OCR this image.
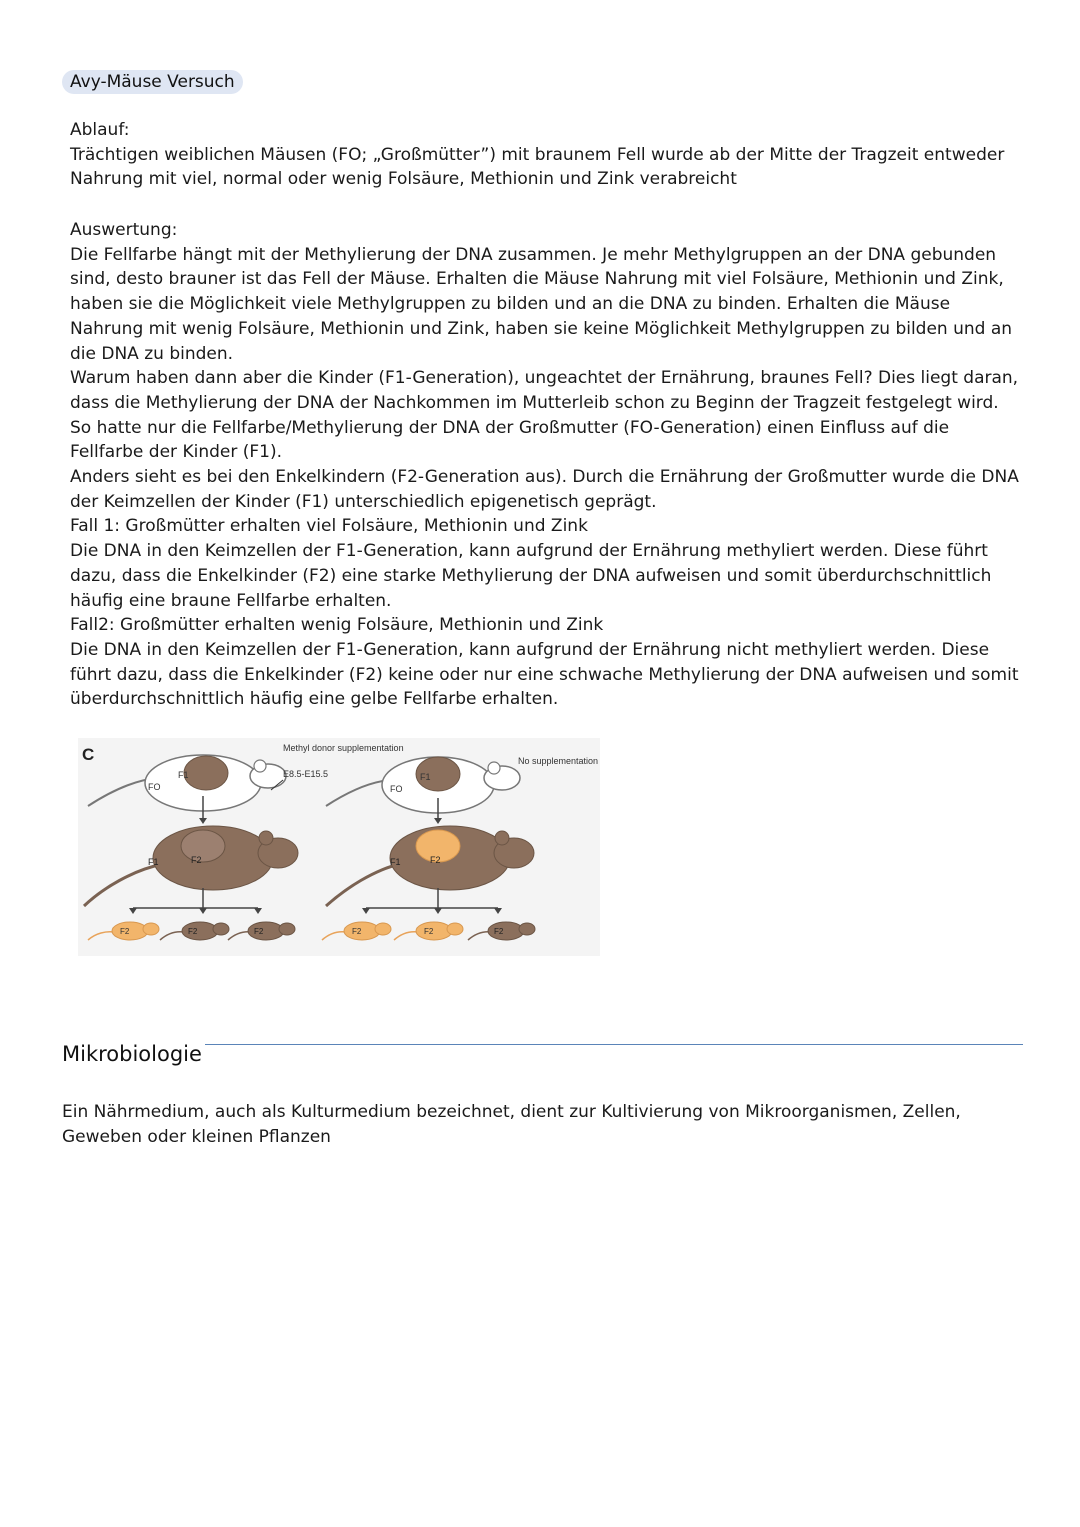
Avy-Mäuse Versuch

Ablauf:

Trächtigen weiblichen Mäusen (FO; „Großmütter”) mit braunem Fell wurde ab der Mitte der Tragzeit entweder Nahrung mit viel, normal oder wenig Folsäure, Methionin und Zink verabreicht

Auswertung:

Die Fellfarbe hängt mit der Methylierung der DNA zusammen. Je mehr Methylgruppen an der DNA gebunden sind, desto brauner ist das Fell der Mäuse. Erhalten die Mäuse Nahrung mit viel Folsäure, Methionin und Zink, haben sie die Möglichkeit viele Methylgruppen zu bilden und an die DNA zu binden. Erhalten die Mäuse Nahrung mit wenig Folsäure, Methionin und Zink, haben sie keine Möglichkeit Methylgruppen zu bilden und an die DNA zu binden.

Warum haben dann aber die Kinder (F1-Generation), ungeachtet der Ernährung, braunes Fell? Dies liegt daran, dass die Methylierung der DNA der Nachkommen im Mutterleib schon zu Beginn der Tragzeit festgelegt wird. So hatte nur die Fellfarbe/Methylierung der DNA der Großmutter (FO-Generation) einen Einfluss auf die Fellfarbe der Kinder (F1).

Anders sieht es bei den Enkelkindern (F2-Generation aus). Durch die Ernährung der Großmutter wurde die DNA der Keimzellen der Kinder (F1) unterschiedlich epigenetisch geprägt.

Fall 1: Großmütter erhalten viel Folsäure, Methionin und Zink

Die DNA in den Keimzellen der F1-Generation, kann aufgrund der Ernährung methyliert werden. Diese führt dazu, dass die Enkelkinder (F2) eine starke Methylierung der DNA aufweisen und somit überdurchschnittlich häufig eine braune Fellfarbe erhalten.

Fall2: Großmütter erhalten wenig Folsäure, Methionin und Zink

Die DNA in den Keimzellen der F1-Generation, kann aufgrund der Ernährung nicht methyliert werden. Diese führt dazu, dass die Enkelkinder (F2) keine oder nur eine schwache Methylierung der DNA aufweisen und somit überdurchschnittlich häufig eine gelbe Fellfarbe erhalten.

C
FO
F1
Methyl donor supplementation
E8.5-E15.5
F1	F2
F2	F2	F2
FO
F1
No supplementation
F1	F2
F2	F2	F2
Mikrobiologie

Ein Nährmedium, auch als Kulturmedium bezeichnet, dient zur Kultivierung von Mikroorganismen, Zellen, Geweben oder kleinen Pflanzen
